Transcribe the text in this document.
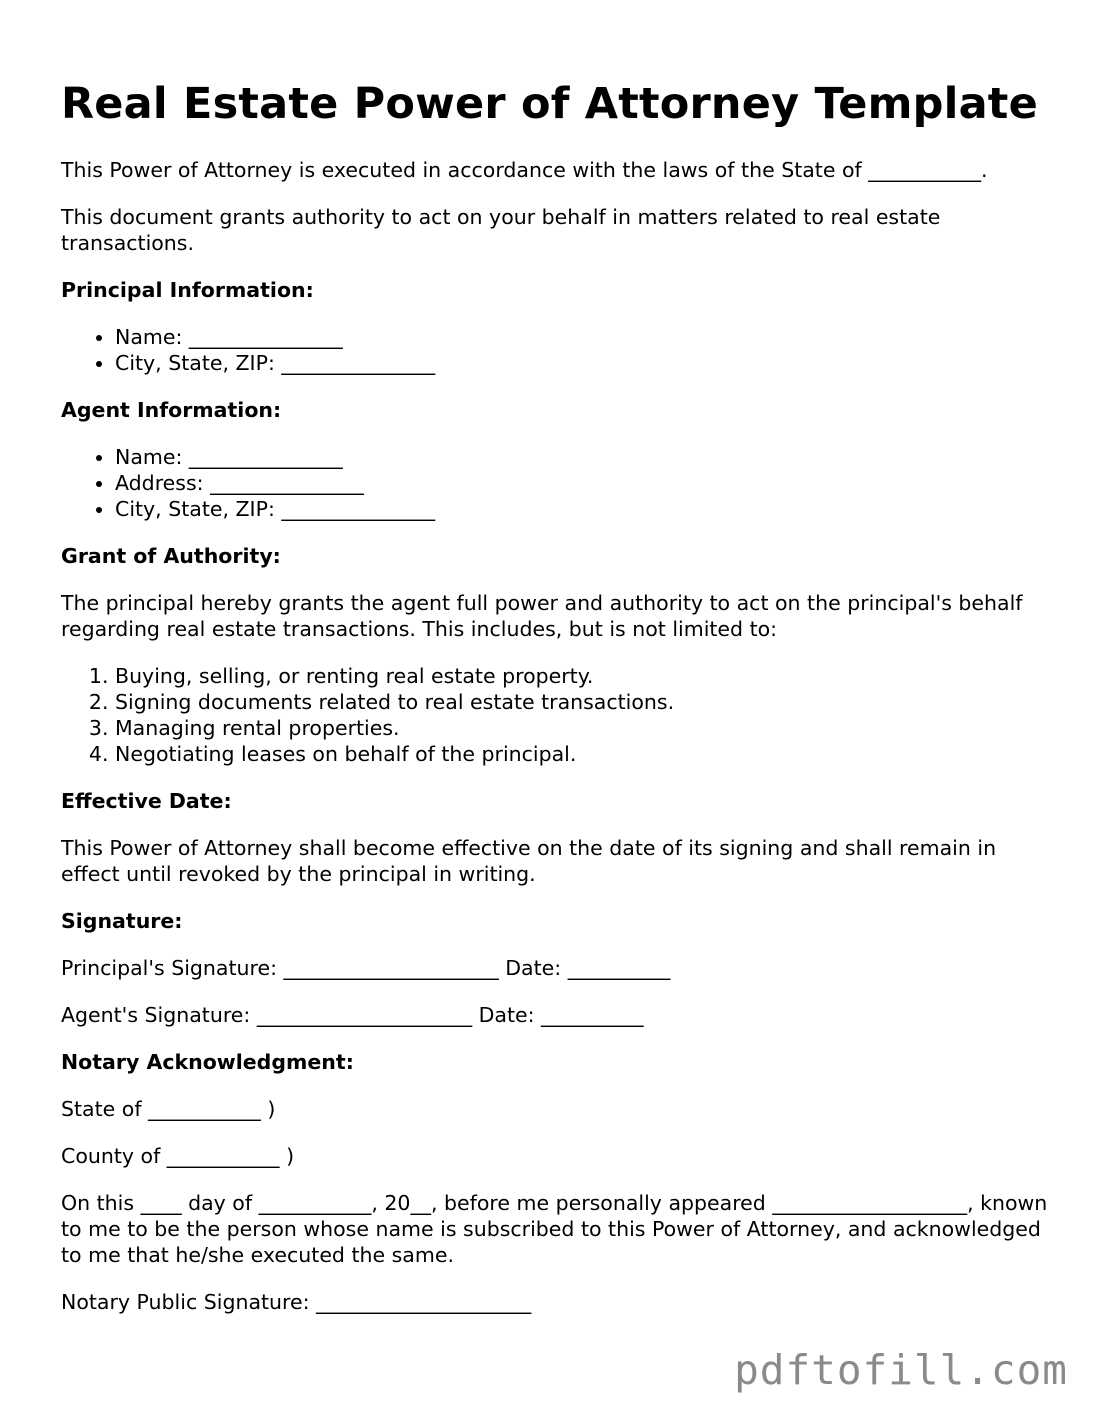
Real Estate Power of Attorney Template

This Power of Attorney is executed in accordance with the laws of the State of ___________.

This document grants authority to act on your behalf in matters related to real estate transactions.

Principal Information:
• Name: _______________
• City, State, ZIP: _______________
Agent Information:
• Name: _______________
• Address: _______________
• City, State, ZIP: _______________
Grant of Authority:

The principal hereby grants the agent full power and authority to act on the principal's behalf regarding real estate transactions. This includes, but is not limited to:

1. Buying, selling, or renting real estate property.
2. Signing documents related to real estate transactions.
3. Managing rental properties.
4. Negotiating leases on behalf of the principal.
Effective Date:

This Power of Attorney shall become effective on the date of its signing and shall remain in effect until revoked by the principal in writing.

Signature:

Principal's Signature: _____________________ Date: __________

Agent's Signature: _____________________ Date: __________

Notary Acknowledgment:

State of ___________ )

County of ___________ )

On this ____ day of ___________, 20__, before me personally appeared ___________________, known to me to be the person whose name is subscribed to this Power of Attorney, and acknowledged to me that he/she executed the same.

Notary Public Signature: _____________________

pdftofill.com
